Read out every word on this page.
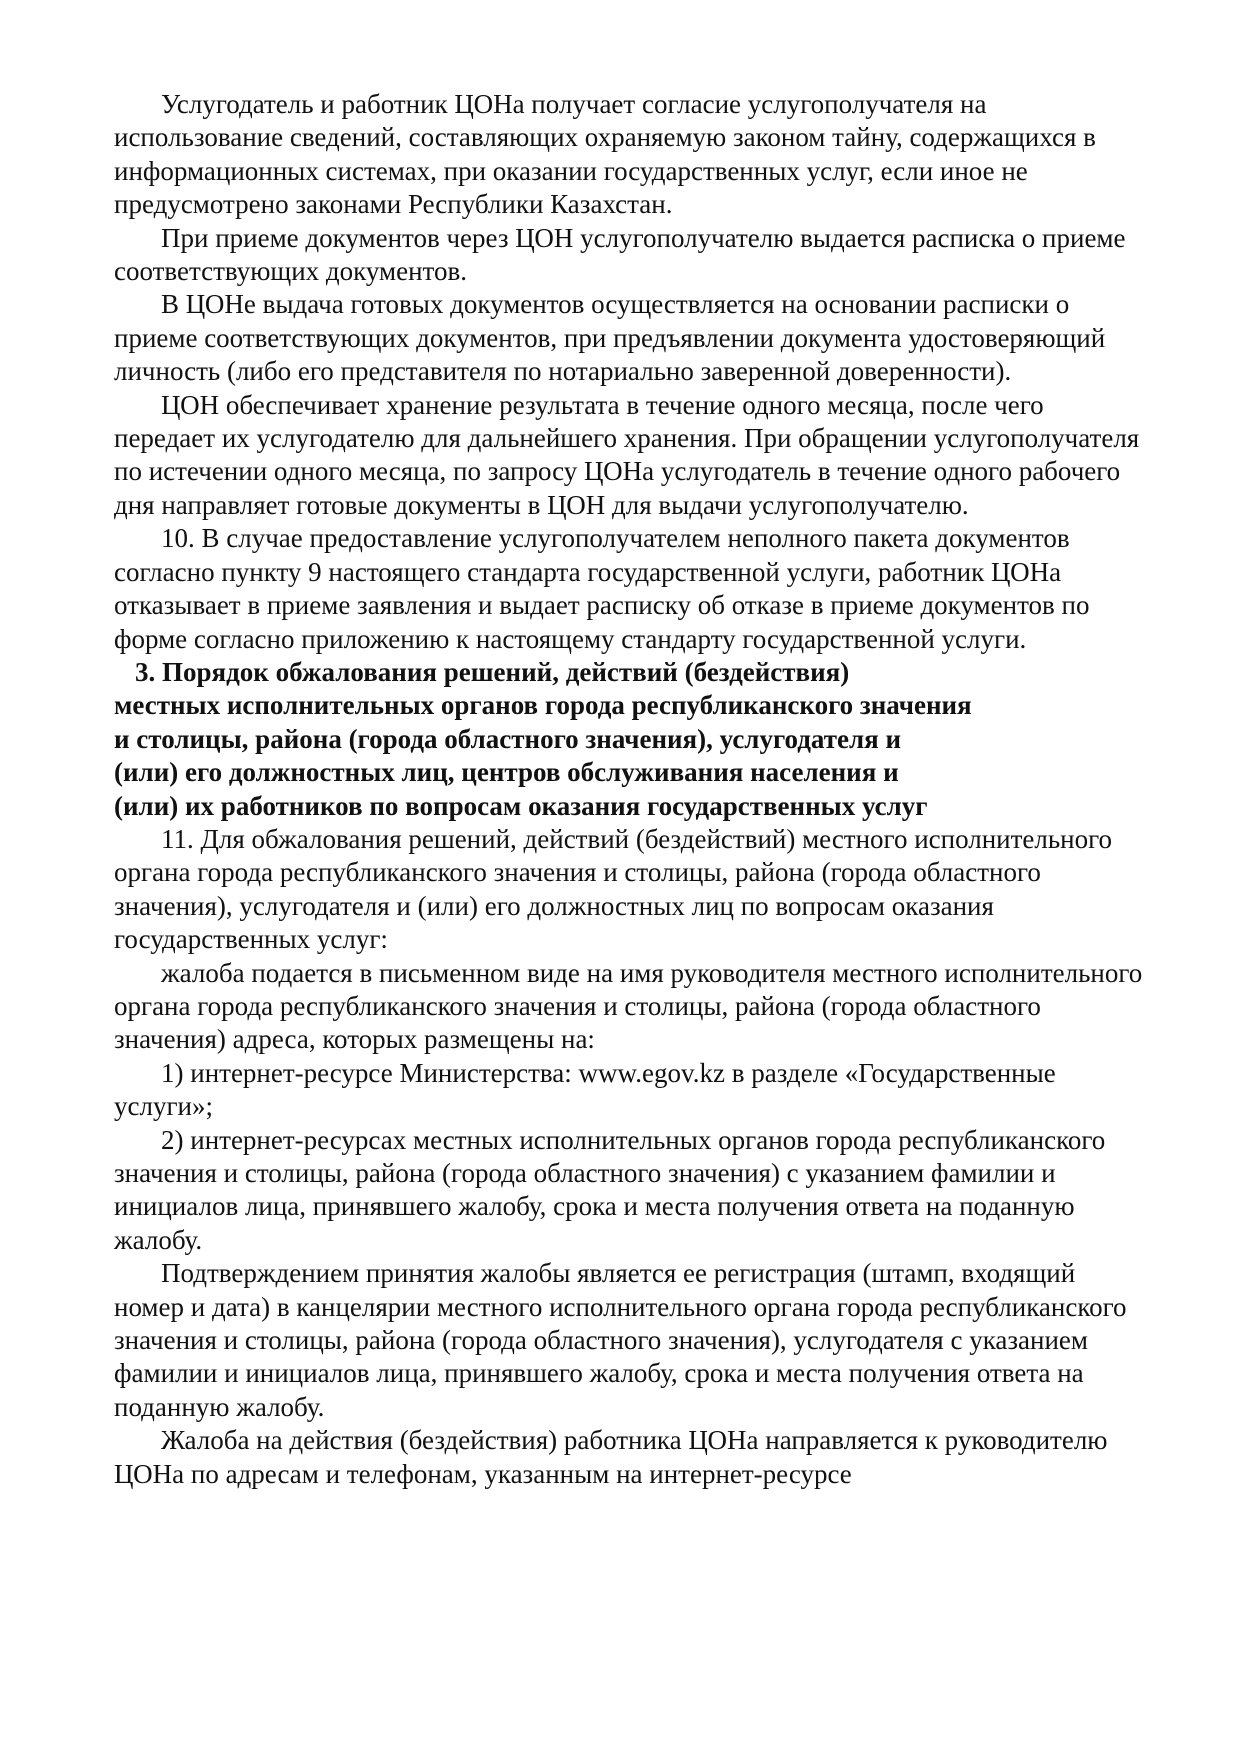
Услугодатель и работник ЦОНа получает согласие услугополучателя на использование сведений, составляющих охраняемую законом тайну, содержащихся в информационных системах, при оказании государственных услуг, если иное не предусмотрено законами Республики Казахстан.

При приеме документов через ЦОН услугополучателю выдается расписка о приеме соответствующих документов.

В ЦОНе выдача готовых документов осуществляется на основании расписки о приеме соответствующих документов, при предъявлении документа удостоверяющий личность (либо его представителя по нотариально заверенной доверенности).

ЦОН обеспечивает хранение результата в течение одного месяца, после чего передает их услугодателю для дальнейшего хранения. При обращении услугополучателя по истечении одного месяца, по запросу ЦОНа услугодатель в течение одного рабочего дня направляет готовые документы в ЦОН для выдачи услугополучателю.

10. В случае предоставление услугополучателем неполного пакета документов согласно пункту 9 настоящего стандарта государственной услуги, работник ЦОНа отказывает в приеме заявления и выдает расписку об отказе в приеме документов по форме согласно приложению к настоящему стандарту государственной услуги.

3. Порядок обжалования решений, действий (бездействия)
местных исполнительных органов города республиканского значения
и столицы, района (города областного значения), услугодателя и
(или) его должностных лиц, центров обслуживания населения и
(или) их работников по вопросам оказания государственных услуг

11. Для обжалования решений, действий (бездействий) местного исполнительного органа города республиканского значения и столицы, района (города областного значения), услугодателя и (или) его должностных лиц по вопросам оказания государственных услуг:

жалоба подается в письменном виде на имя руководителя местного исполнительного органа города республиканского значения и столицы, района (города областного значения) адреса, которых размещены на:

1) интернет-ресурсе Министерства: www.egov.kz в разделе «Государственные услуги»;

2) интернет-ресурсах местных исполнительных органов города республиканского значения и столицы, района (города областного значения) с указанием фамилии и инициалов лица, принявшего жалобу, срока и места получения ответа на поданную жалобу.

Подтверждением принятия жалобы является ее регистрация (штамп, входящий номер и дата) в канцелярии местного исполнительного органа города республиканского значения и столицы, района (города областного значения), услугодателя с указанием фамилии и инициалов лица, принявшего жалобу, срока и места получения ответа на поданную жалобу.

Жалоба на действия (бездействия) работника ЦОНа направляется к руководителю ЦОНа по адресам и телефонам, указанным на интернет-ресурсе
